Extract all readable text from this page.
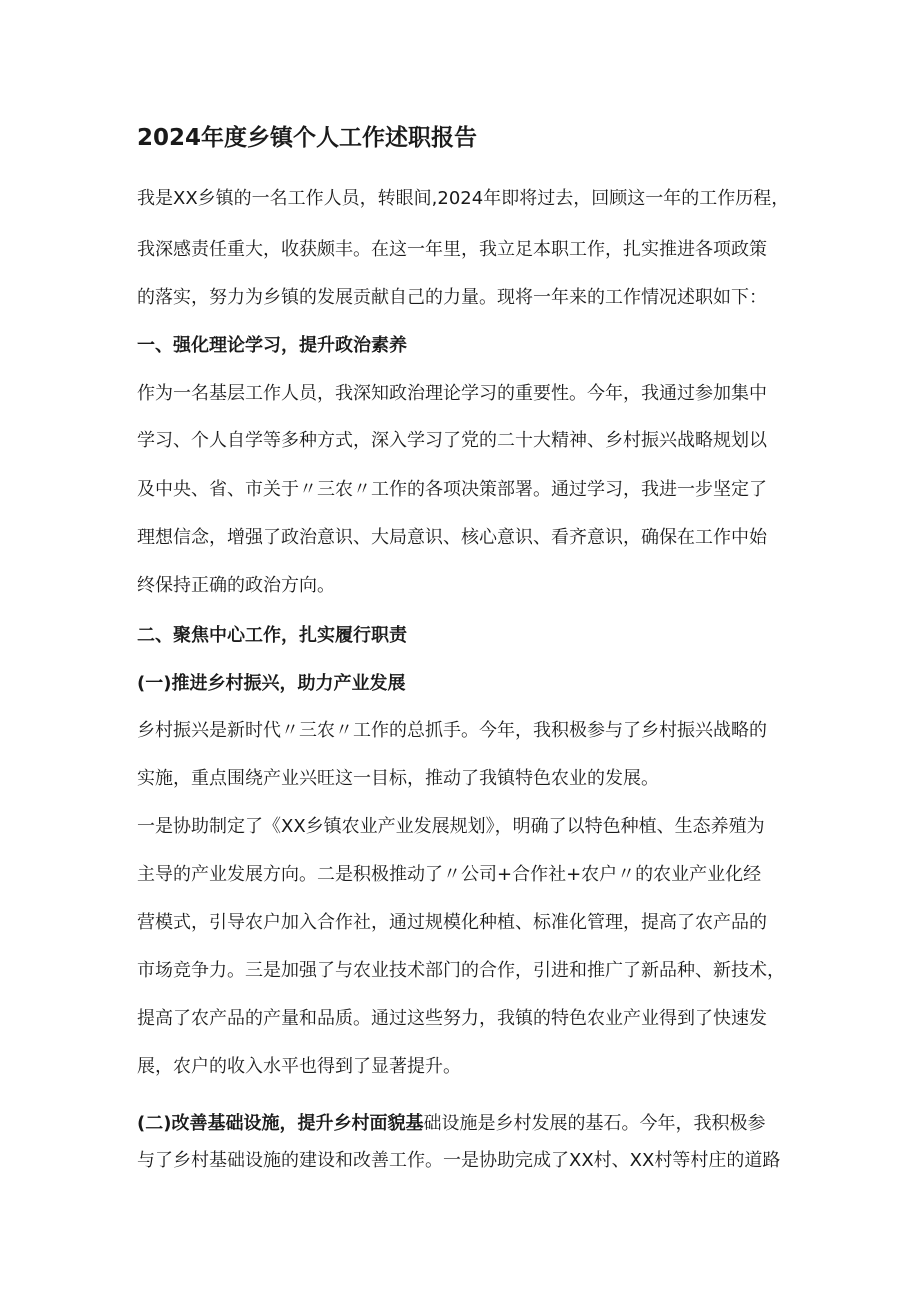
2024年度乡镇个人工作述职报告

我是XX乡镇的一名工作人员，转眼间,2024年即将过去，回顾这一年的工作历程，

我深感责任重大，收获颇丰。在这一年里，我立足本职工作，扎实推进各项政策

的落实，努力为乡镇的发展贡献自己的力量。现将一年来的工作情况述职如下：

一、强化理论学习，提升政治素养

作为一名基层工作人员，我深知政治理论学习的重要性。今年，我通过参加集中

学习、个人自学等多种方式，深入学习了党的二十大精神、乡村振兴战略规划以

及中央、省、市关于〃三农〃工作的各项决策部署。通过学习，我进一步坚定了

理想信念，增强了政治意识、大局意识、核心意识、看齐意识，确保在工作中始

终保持正确的政治方向。

二、聚焦中心工作，扎实履行职责

(一)推进乡村振兴，助力产业发展

乡村振兴是新时代〃三农〃工作的总抓手。今年，我积极参与了乡村振兴战略的

实施，重点围绕产业兴旺这一目标，推动了我镇特色农业的发展。

一是协助制定了《XX乡镇农业产业发展规划》，明确了以特色种植、生态养殖为

主导的产业发展方向。二是积极推动了〃公司+合作社+农户〃的农业产业化经

营模式，引导农户加入合作社，通过规模化种植、标准化管理，提高了农产品的

市场竞争力。三是加强了与农业技术部门的合作，引进和推广了新品种、新技术，

提高了农产品的产量和品质。通过这些努力，我镇的特色农业产业得到了快速发

展，农户的收入水平也得到了显著提升。

(二)改善基础设施，提升乡村面貌基础设施是乡村发展的基石。今年，我积极参

与了乡村基础设施的建设和改善工作。一是协助完成了XX村、XX村等村庄的道路
